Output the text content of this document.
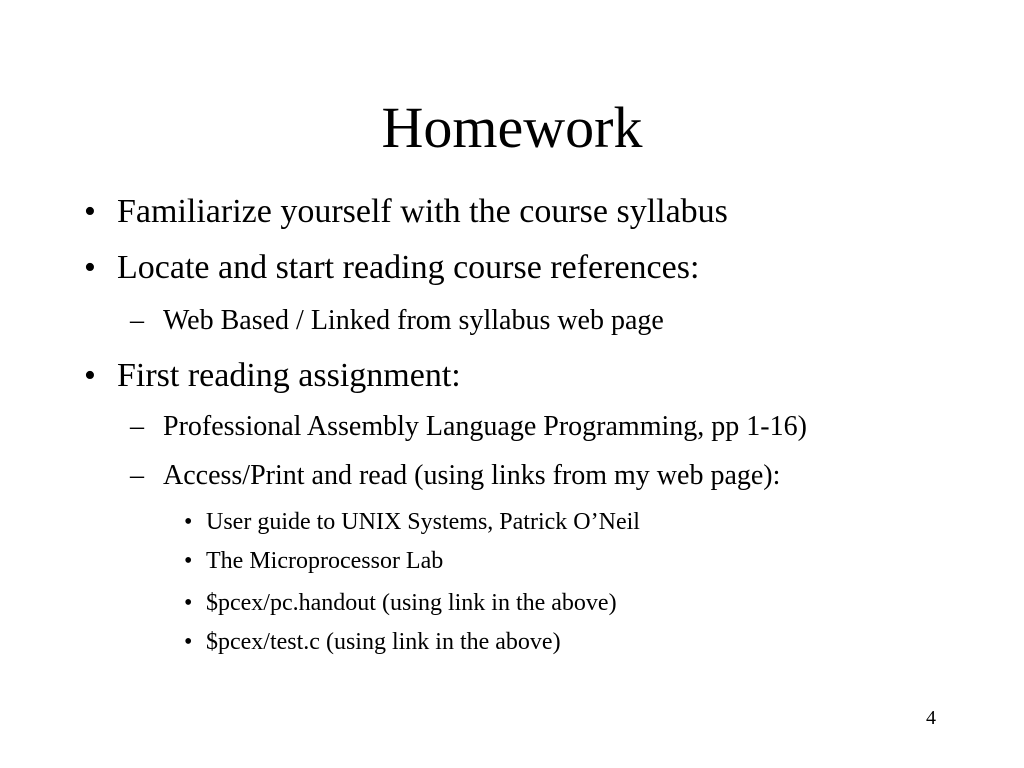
Homework
• Familiarize yourself with the course syllabus
• Locate and start reading course references:
– Web Based / Linked from syllabus web page
• First reading assignment:
– Professional Assembly Language Programming, pp 1-16)
– Access/Print and read (using links from my web page):
• User guide to UNIX Systems, Patrick O’Neil
• The Microprocessor Lab
• $pcex/pc.handout (using link in the above)
• $pcex/test.c (using link in the above)
4
